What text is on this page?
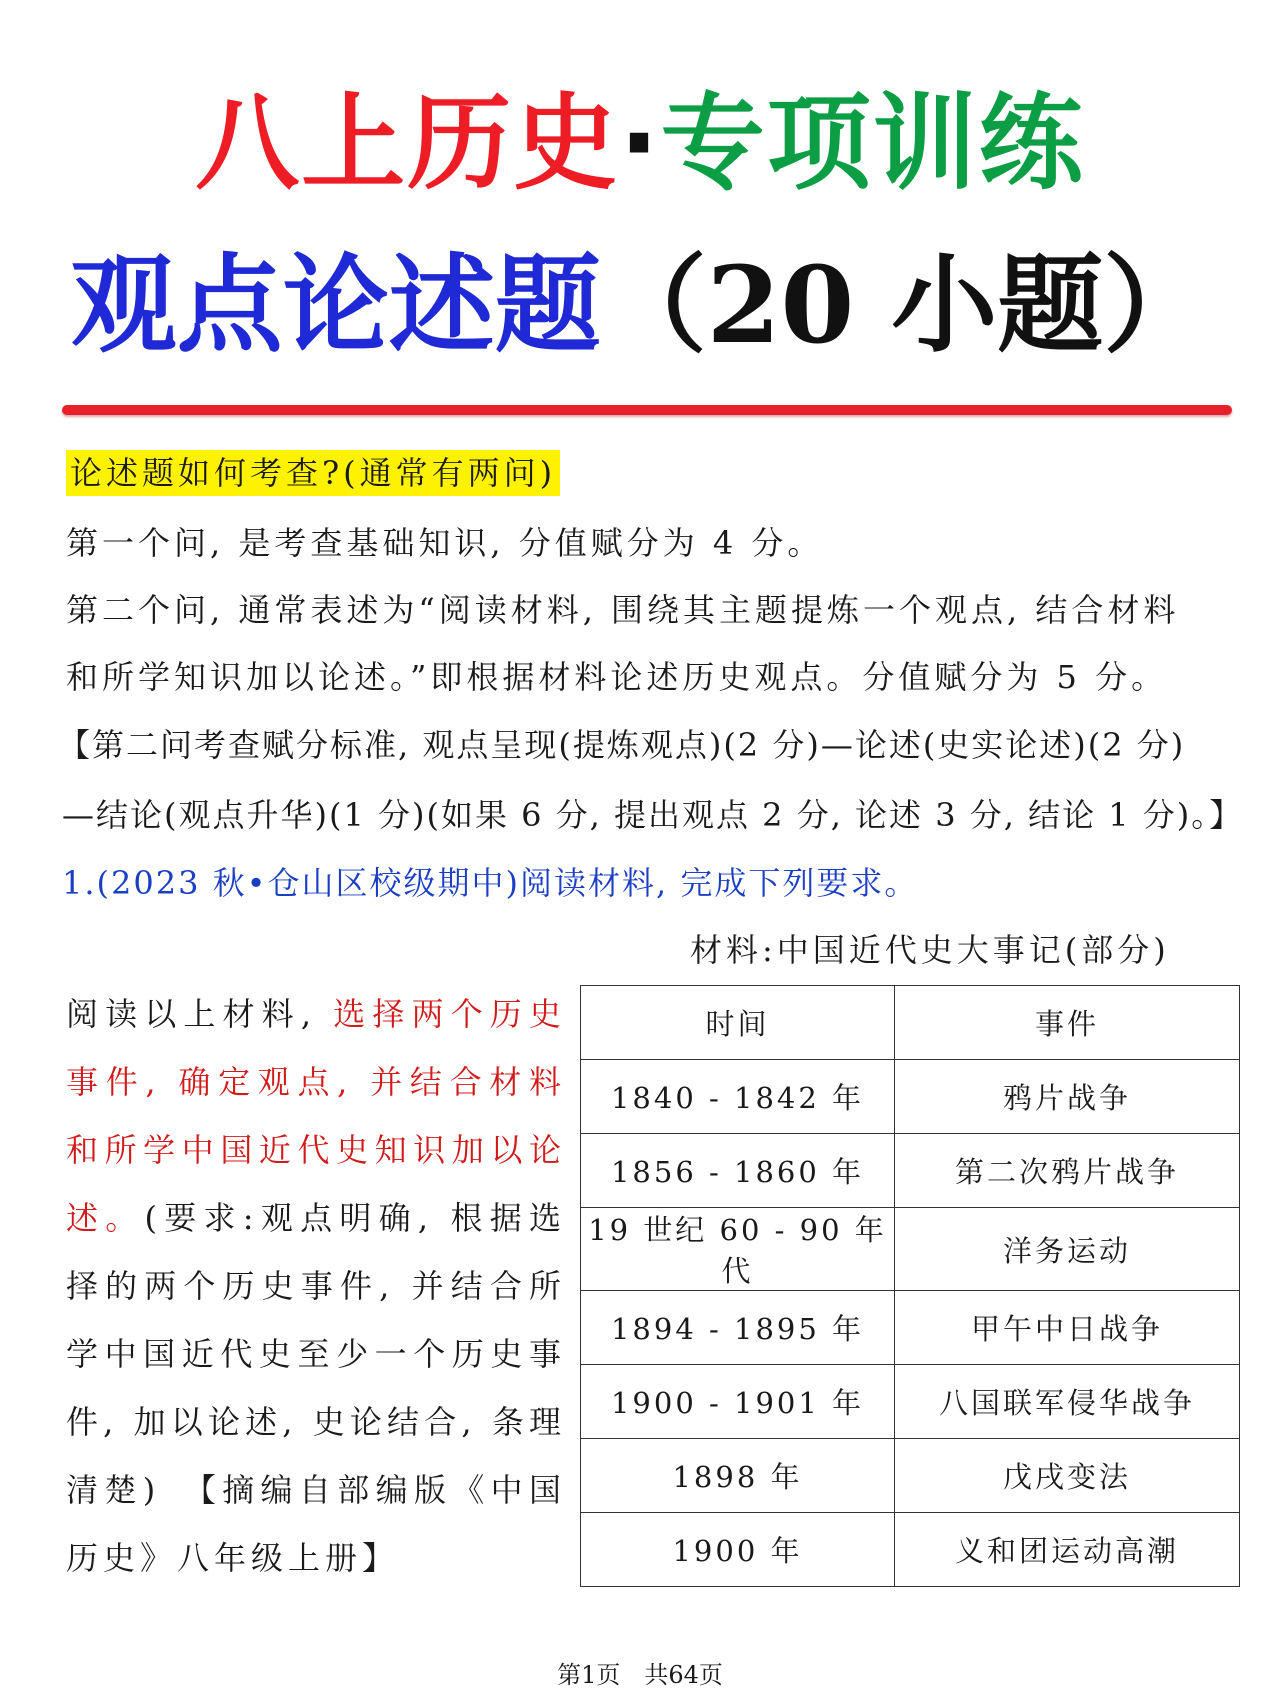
八上历史·专项训练
观点论述题（20 小题）
论述题如何考查?(通常有两问)
第一个问, 是考查基础知识, 分值赋分为 4 分。
第二个问, 通常表述为“阅读材料, 围绕其主题提炼一个观点, 结合材料
和所学知识加以论述。”即根据材料论述历史观点。分值赋分为 5 分。
【第二问考查赋分标准, 观点呈现(提炼观点)(2 分)—论述(史实论述)(2 分)
—结论(观点升华)(1 分)(如果 6 分, 提出观点 2 分, 论述 3 分, 结论 1 分)。】
1.(2023 秋•仓山区校级期中)阅读材料, 完成下列要求。
材料:中国近代史大事记(部分)
阅读以上材料, 选择两个历史事件, 确定观点, 并结合材料和所学中国近代史知识加以论述。(要求:观点明确, 根据选择的两个历史事件, 并结合所学中国近代史至少一个历史事件, 加以论述, 史论结合, 条理清楚)　【摘编自部编版《中国历史》八年级上册】
时间	事件
1840 - 1842 年	鸦片战争
1856 - 1860 年	第二次鸦片战争
19 世纪 60 - 90 年代	洋务运动
1894 - 1895 年	甲午中日战争
1900 - 1901 年	八国联军侵华战争
1898 年	戊戌变法
1900 年	义和团运动高潮
第1页　共64页
